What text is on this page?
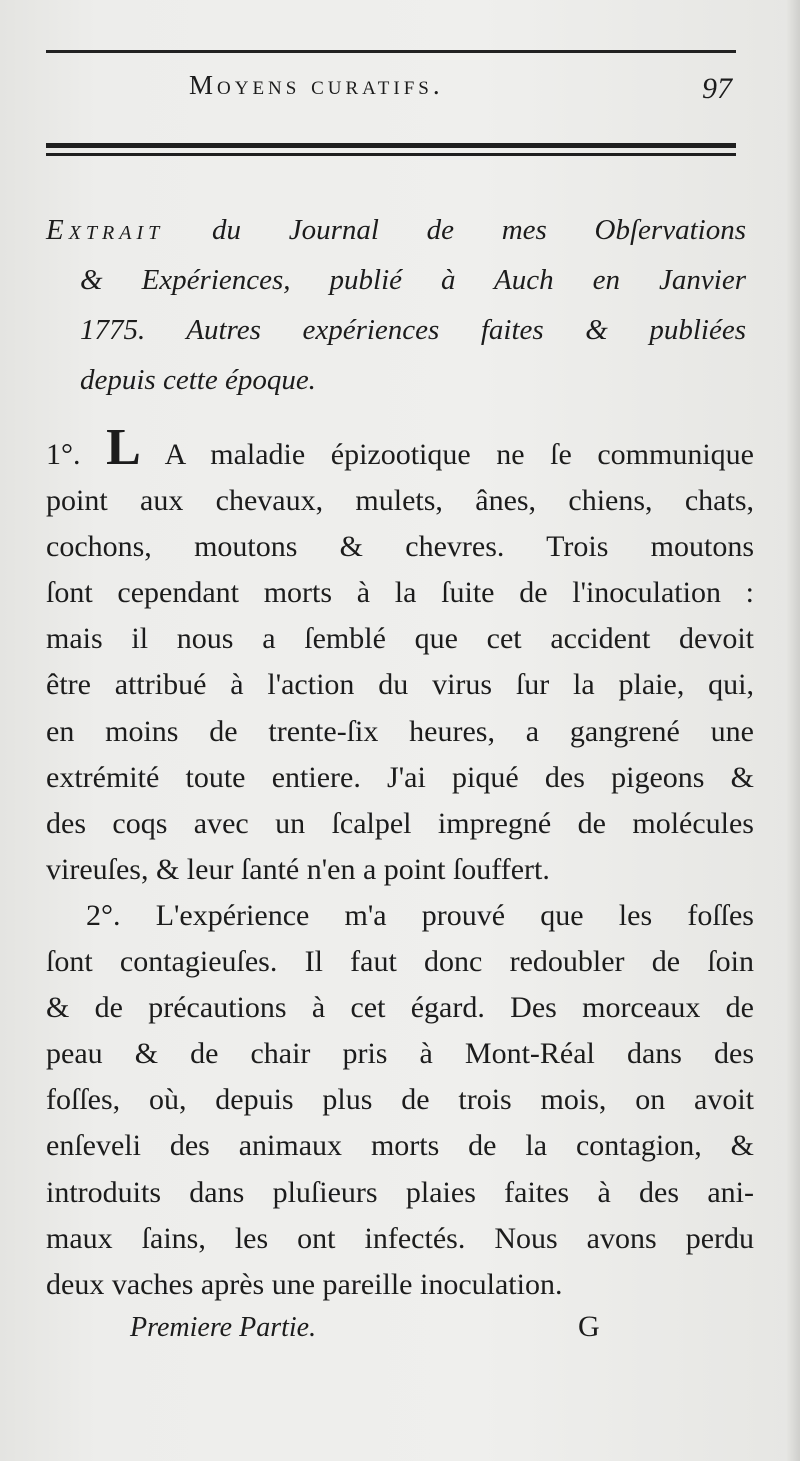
Moyens curatifs.	97
Extrait du Journal de mes Obſervations
& Expériences, publié à Auch en Janvier
1775. Autres expériences faites & publiées
depuis cette époque.
1°. L A maladie épizootique ne ſe communique
point aux chevaux, mulets, ânes, chiens, chats,
cochons, moutons & chevres. Trois moutons
ſont cependant morts à la ſuite de l'inoculation :
mais il nous a ſemblé que cet accident devoit
être attribué à l'action du virus ſur la plaie, qui,
en moins de trente-ſix heures, a gangrené une
extrémité toute entiere. J'ai piqué des pigeons &
des coqs avec un ſcalpel impregné de molécules
vireuſes, & leur ſanté n'en a point ſouffert.
2°. L'expérience m'a prouvé que les foſſes
ſont contagieuſes. Il faut donc redoubler de ſoin
& de précautions à cet égard. Des morceaux de
peau & de chair pris à Mont-Réal dans des
foſſes, où, depuis plus de trois mois, on avoit
enſeveli des animaux morts de la contagion, &
introduits dans pluſieurs plaies faites à des ani-
maux ſains, les ont infectés. Nous avons perdu
deux vaches après une pareille inoculation.
Premiere Partie.	G
